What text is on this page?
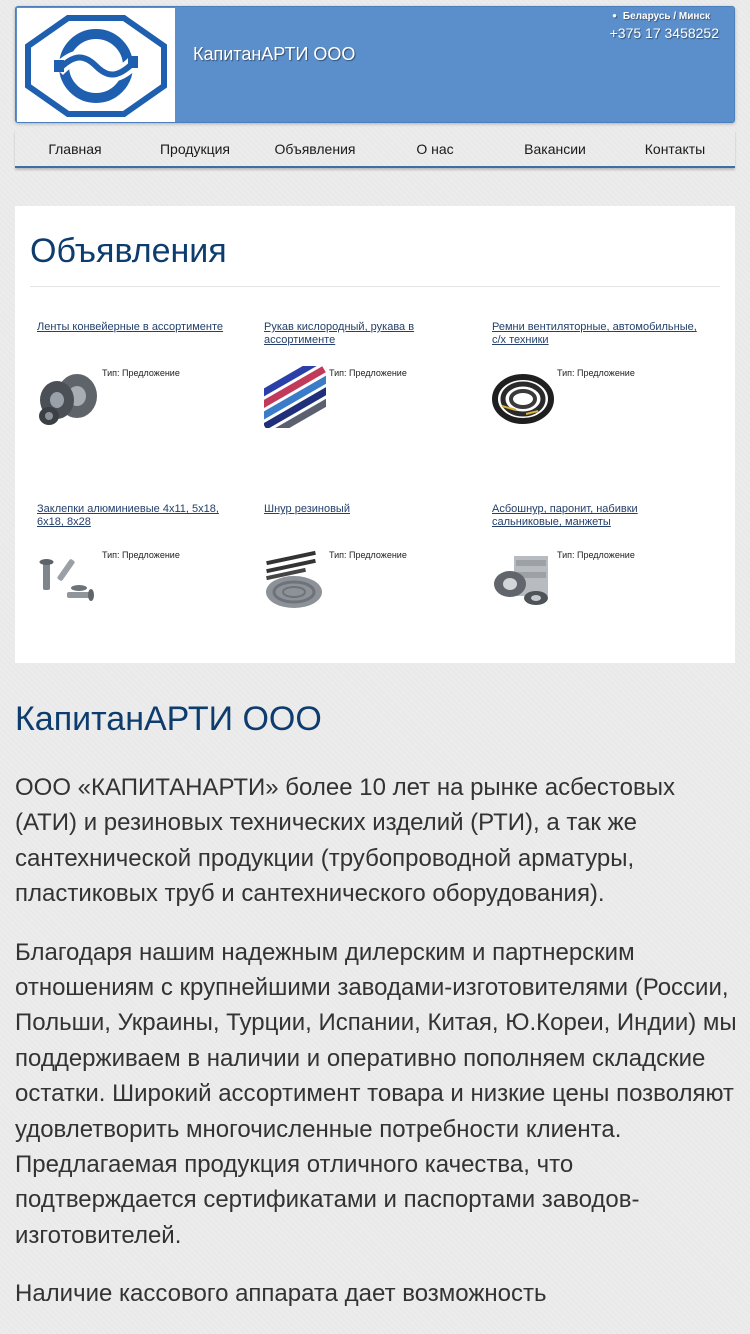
КапитанАРТИ ООО
● Беларусь / Минск
+375 17 3458252
Главная	Продукция	Объявления	О нас	Вакансии	Контакты
Объявления
Ленты конвейерные в ассортименте
Тип: Предложение
Рукав кислородный, рукава в ассортименте
Тип: Предложение
Ремни вентиляторные, автомобильные, с/х техники
Тип: Предложение
Заклепки алюминиевые 4х11, 5х18, 6х18, 8х28
Тип: Предложение
Шнур резиновый
Тип: Предложение
Асбошнур, паронит, набивки сальниковые, манжеты
Тип: Предложение
КапитанАРТИ ООО

ООО «КАПИТАНАРТИ» более 10 лет на рынке асбестовых (АТИ) и резиновых технических изделий (РТИ), а так же сантехнической продукции (трубопроводной арматуры, пластиковых труб и сантехнического оборудования).

Благодаря нашим надежным дилерским и партнерским отношениям с крупнейшими заводами-изготовителями (России, Польши, Украины, Турции, Испании, Китая, Ю.Кореи, Индии) мы поддерживаем в наличии и оперативно пополняем складские остатки. Широкий ассортимент товара и низкие цены позволяют удовлетворить многочисленные потребности клиента. Предлагаемая продукция отличного качества, что подтверждается сертификатами и паспортами заводов-изготовителей.

Наличие кассового аппарата дает возможность
